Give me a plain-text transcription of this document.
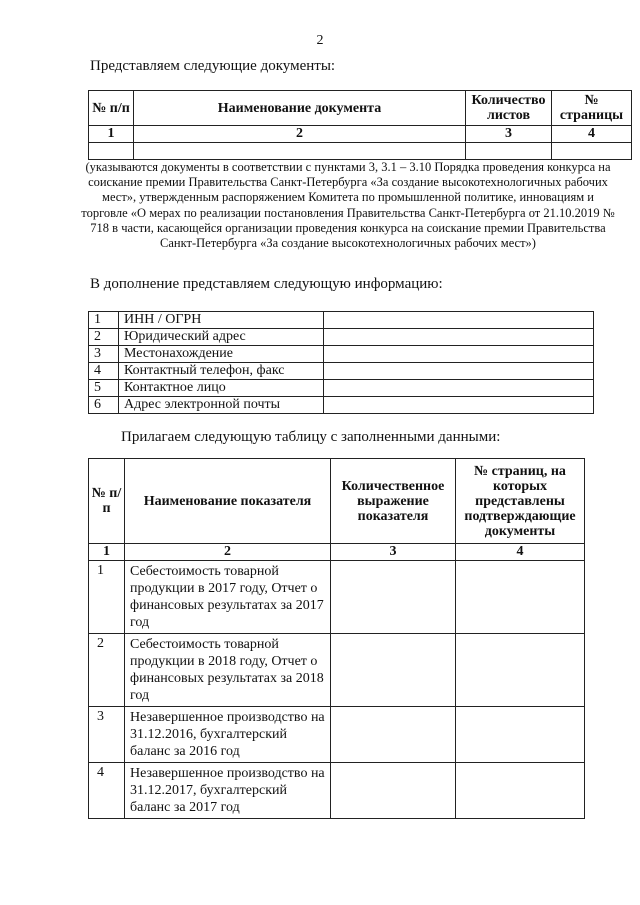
2
Представляем следующие документы:
№ п/п	Наименование документа	Количество листов	№ страницы
1	2	3	4

(указываются документы в соответствии с пунктами 3, 3.1 – 3.10 Порядка проведения конкурса на соискание премии Правительства Санкт-Петербурга «За создание высокотехнологичных рабочих мест», утвержденным распоряжением Комитета по промышленной политике, инновациям и торговле «О мерах по реализации постановления Правительства Санкт-Петербурга от 21.10.2019 № 718 в части, касающейся организации проведения конкурса на соискание премии Правительства Санкт-Петербурга «За создание высокотехнологичных рабочих мест»)
В дополнение представляем следующую информацию:
1	ИНН / ОГРН	
2	Юридический адрес	
3	Местонахождение	
4	Контактный телефон, факс	
5	Контактное лицо	
6	Адрес электронной почты	
Прилагаем следующую таблицу с заполненными данными:
№ п/п	Наименование показателя	Количественное выражение показателя	№ страниц, на которых представлены подтверждающие документы
1	2	3	4
1	Себестоимость товарной продукции в 2017 году, Отчет о финансовых результатах за 2017 год		
2	Себестоимость товарной продукции в 2018 году, Отчет о финансовых результатах за 2018 год		
3	Незавершенное производство на 31.12.2016, бухгалтерский баланс за 2016 год		
4	Незавершенное производство на 31.12.2017, бухгалтерский баланс за 2017 год		
